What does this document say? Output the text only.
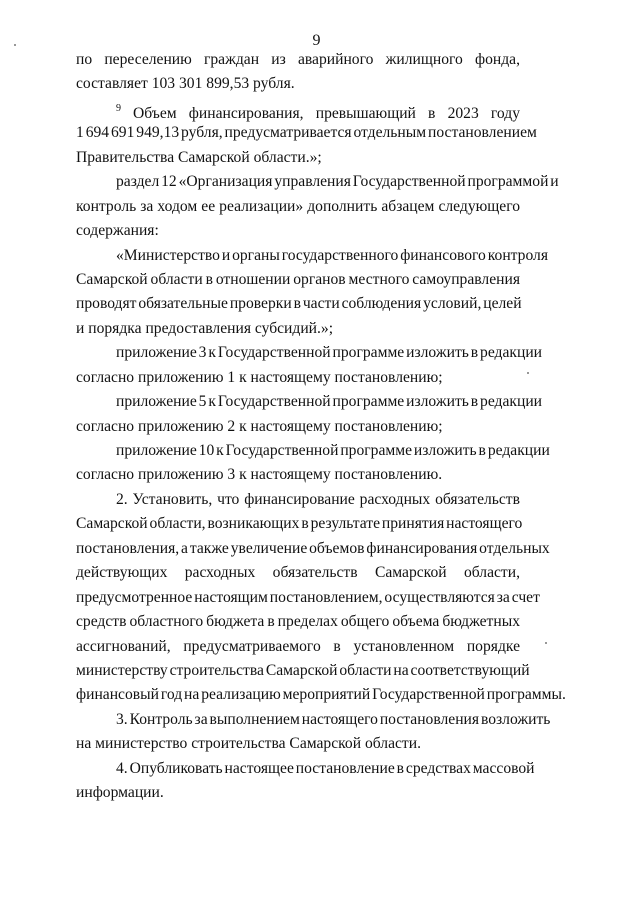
9
по переселению граждан из аварийного жилищного фонда,
составляет 103 301 899,53 рубля.
$^9$ Объем финансирования, превышающий в 2023 году
1 694 691 949,13 рубля, предусматривается отдельным постановлением
Правительства Самарской области.»;
раздел 12 «Организация управления Государственной программой и
контроль за ходом ее реализации» дополнить абзацем следующего
содержания:
«Министерство и органы государственного финансового контроля
Самарской области в отношении органов местного самоуправления
проводят обязательные проверки в части соблюдения условий, целей
и порядка предоставления субсидий.»;
приложение 3 к Государственной программе изложить в редакции
согласно приложению 1 к настоящему постановлению;
приложение 5 к Государственной программе изложить в редакции
согласно приложению 2 к настоящему постановлению;
приложение 10 к Государственной программе изложить в редакции
согласно приложению 3 к настоящему постановлению.
2. Установить, что финансирование расходных обязательств
Самарской области, возникающих в результате принятия настоящего
постановления, а также увеличение объемов финансирования отдельных
действующих расходных обязательств Самарской области,
предусмотренное настоящим постановлением, осуществляются за счет
средств областного бюджета в пределах общего объема бюджетных
ассигнований, предусматриваемого в установленном порядке
министерству строительства Самарской области на соответствующий
финансовый год на реализацию мероприятий Государственной программы.
3. Контроль за выполнением настоящего постановления возложить
на министерство строительства Самарской области.
4. Опубликовать настоящее постановление в средствах массовой
информации.
